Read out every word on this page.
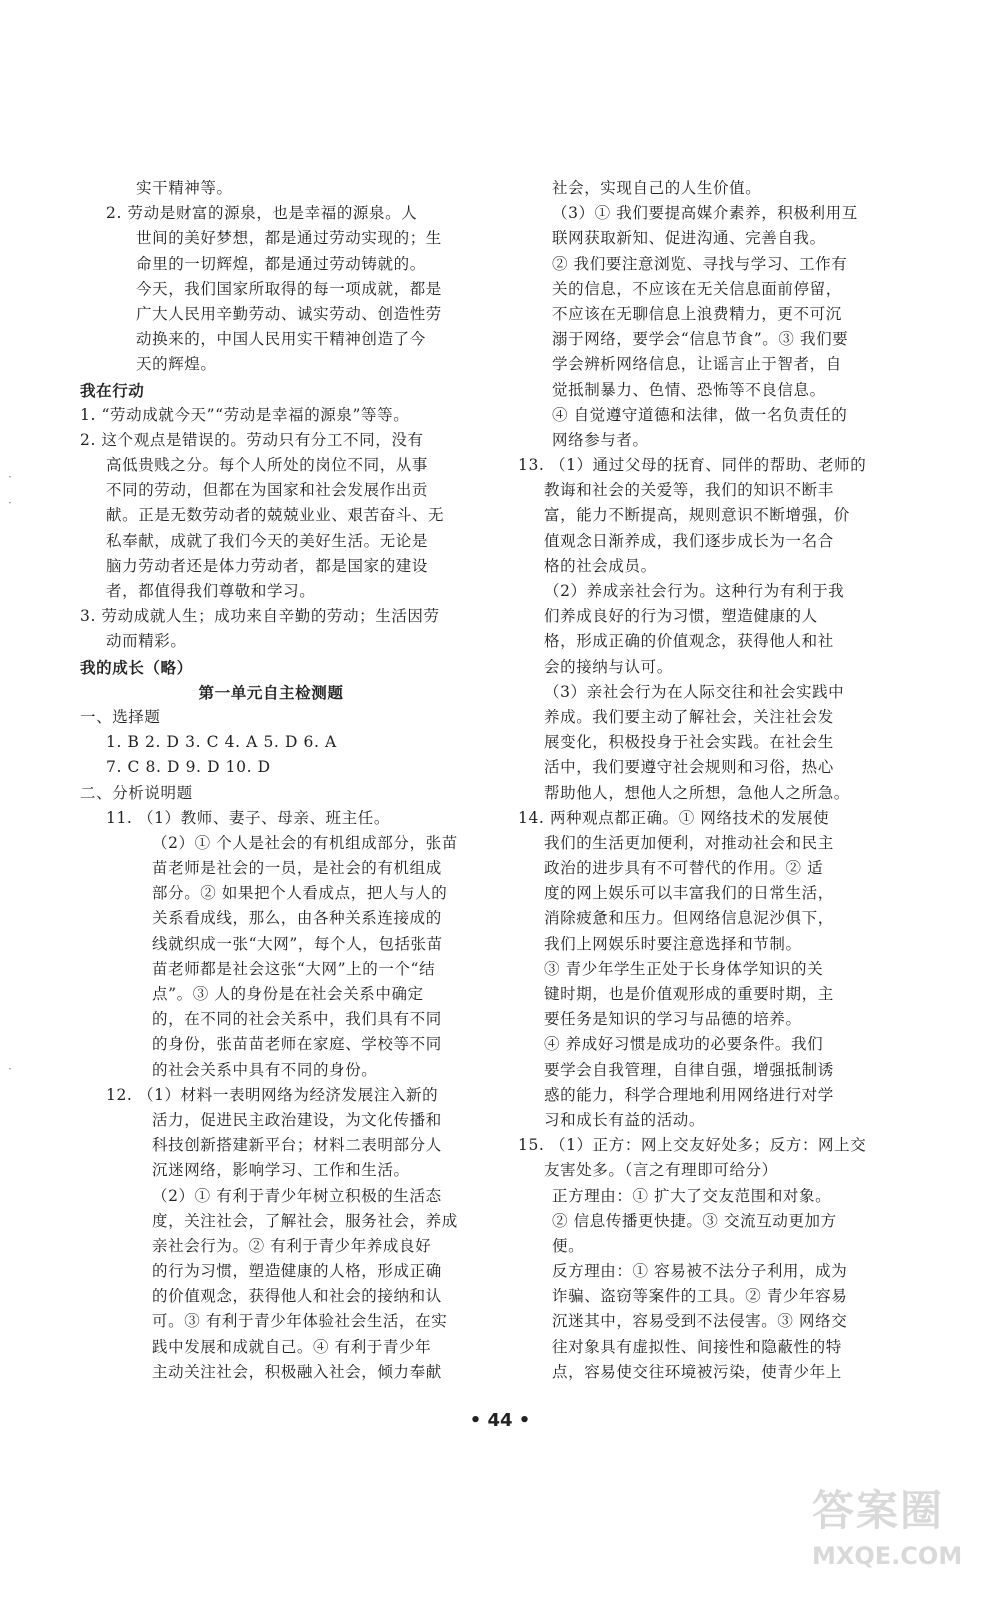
实干精神等。
2. 劳动是财富的源泉，也是幸福的源泉。人
世间的美好梦想，都是通过劳动实现的；生
命里的一切辉煌，都是通过劳动铸就的。
今天，我们国家所取得的每一项成就，都是
广大人民用辛勤劳动、诚实劳动、创造性劳
动换来的，中国人民用实干精神创造了今
天的辉煌。
我在行动
1. “劳动成就今天”“劳动是幸福的源泉”等等。
2. 这个观点是错误的。劳动只有分工不同，没有
高低贵贱之分。每个人所处的岗位不同，从事
不同的劳动，但都在为国家和社会发展作出贡
献。正是无数劳动者的兢兢业业、艰苦奋斗、无
私奉献，成就了我们今天的美好生活。无论是
脑力劳动者还是体力劳动者，都是国家的建设
者，都值得我们尊敬和学习。
3. 劳动成就人生；成功来自辛勤的劳动；生活因劳
动而精彩。
我的成长（略）
第一单元自主检测题
一、选择题
1. B 2. D 3. C 4. A 5. D 6. A
7. C 8. D 9. D 10. D
二、分析说明题
11. （1）教师、妻子、母亲、班主任。
（2）① 个人是社会的有机组成部分，张苗
苗老师是社会的一员，是社会的有机组成
部分。② 如果把个人看成点，把人与人的
关系看成线，那么，由各种关系连接成的
线就织成一张“大网”，每个人，包括张苗
苗老师都是社会这张“大网”上的一个“结
点”。③ 人的身份是在社会关系中确定
的，在不同的社会关系中，我们具有不同
的身份，张苗苗老师在家庭、学校等不同
的社会关系中具有不同的身份。
12. （1）材料一表明网络为经济发展注入新的
活力，促进民主政治建设，为文化传播和
科技创新搭建新平台；材料二表明部分人
沉迷网络，影响学习、工作和生活。
（2）① 有利于青少年树立积极的生活态
度，关注社会，了解社会，服务社会，养成
亲社会行为。② 有利于青少年养成良好
的行为习惯，塑造健康的人格，形成正确
的价值观念，获得他人和社会的接纳和认
可。③ 有利于青少年体验社会生活，在实
践中发展和成就自己。④ 有利于青少年
主动关注社会，积极融入社会，倾力奉献
社会，实现自己的人生价值。
（3）① 我们要提高媒介素养，积极利用互
联网获取新知、促进沟通、完善自我。
② 我们要注意浏览、寻找与学习、工作有
关的信息，不应该在无关信息面前停留，
不应该在无聊信息上浪费精力，更不可沉
溺于网络，要学会“信息节食”。③ 我们要
学会辨析网络信息，让谣言止于智者，自
觉抵制暴力、色情、恐怖等不良信息。
④ 自觉遵守道德和法律，做一名负责任的
网络参与者。
13. （1）通过父母的抚育、同伴的帮助、老师的
教诲和社会的关爱等，我们的知识不断丰
富，能力不断提高，规则意识不断增强，价
值观念日渐养成，我们逐步成长为一名合
格的社会成员。
（2）养成亲社会行为。这种行为有利于我
们养成良好的行为习惯，塑造健康的人
格，形成正确的价值观念，获得他人和社
会的接纳与认可。
（3）亲社会行为在人际交往和社会实践中
养成。我们要主动了解社会，关注社会发
展变化，积极投身于社会实践。在社会生
活中，我们要遵守社会规则和习俗，热心
帮助他人，想他人之所想，急他人之所急。
14. 两种观点都正确。① 网络技术的发展使
我们的生活更加便利，对推动社会和民主
政治的进步具有不可替代的作用。② 适
度的网上娱乐可以丰富我们的日常生活，
消除疲惫和压力。但网络信息泥沙俱下，
我们上网娱乐时要注意选择和节制。
③ 青少年学生正处于长身体学知识的关
键时期，也是价值观形成的重要时期，主
要任务是知识的学习与品德的培养。
④ 养成好习惯是成功的必要条件。我们
要学会自我管理，自律自强，增强抵制诱
惑的能力，科学合理地利用网络进行对学
习和成长有益的活动。
15. （1）正方：网上交友好处多；反方：网上交
友害处多。（言之有理即可给分）
正方理由：① 扩大了交友范围和对象。
② 信息传播更快捷。③ 交流互动更加方
便。
反方理由：① 容易被不法分子利用，成为
诈骗、盗窃等案件的工具。② 青少年容易
沉迷其中，容易受到不法侵害。③ 网络交
往对象具有虚拟性、间接性和隐蔽性的特
点，容易使交往环境被污染，使青少年上
·
·
·
• 44 •
答案圈
MXQE.COM
